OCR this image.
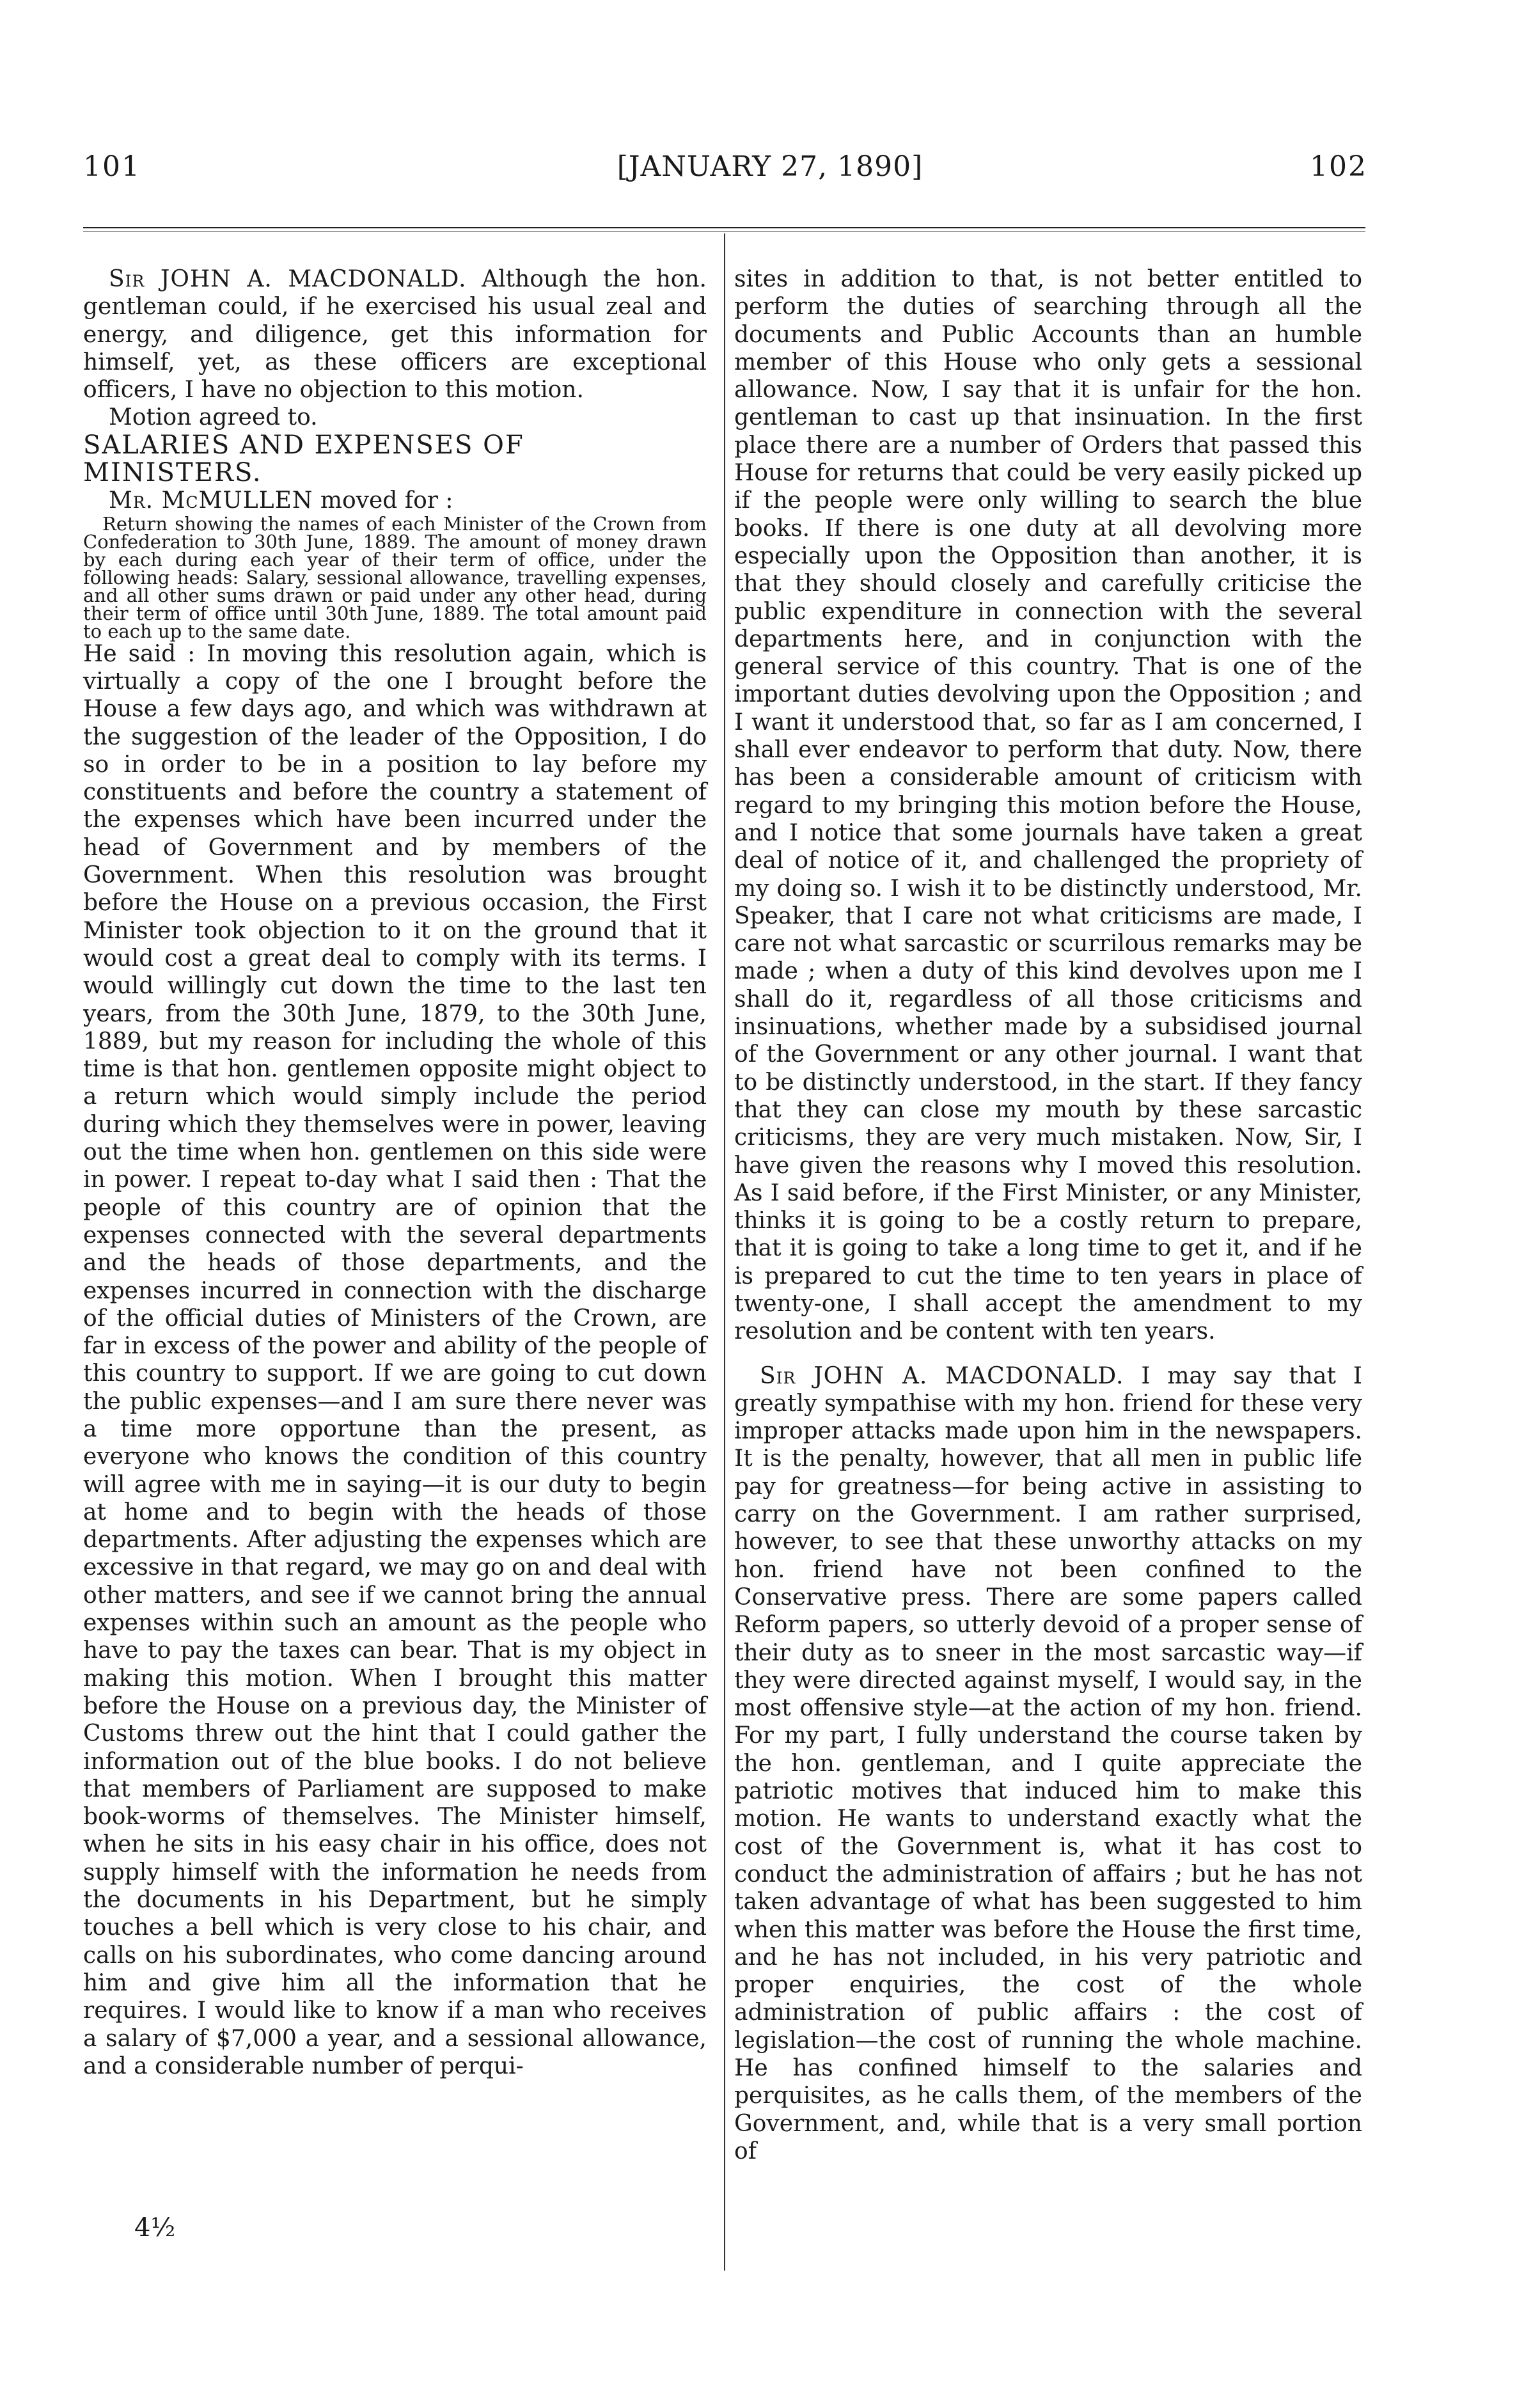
101	[JANUARY 27, 1890]	102

Sir JOHN A. MACDONALD. Although the hon. gentleman could, if he exercised his usual zeal and energy, and diligence, get this information for himself, yet, as these officers are exceptional officers, I have no objection to this motion.

Motion agreed to.

SALARIES AND EXPENSES OF MINISTERS.

Mr. McMULLEN moved for :

Return showing the names of each Minister of the Crown from Confederation to 30th June, 1889. The amount of money drawn by each during each year of their term of office, under the following heads: Salary, sessional allowance, travelling expenses, and all other sums drawn or paid under any other head, during their term of office until 30th June, 1889. The total amount paid to each up to the same date.

He said : In moving this resolution again, which is virtually a copy of the one I brought before the House a few days ago, and which was withdrawn at the suggestion of the leader of the Opposition, I do so in order to be in a position to lay before my constituents and before the country a statement of the expenses which have been incurred under the head of Government and by members of the Government. When this resolution was brought before the House on a previous occasion, the First Minister took objection to it on the ground that it would cost a great deal to comply with its terms. I would willingly cut down the time to the last ten years, from the 30th June, 1879, to the 30th June, 1889, but my reason for including the whole of this time is that hon. gentlemen opposite might object to a return which would simply include the period during which they themselves were in power, leaving out the time when hon. gentlemen on this side were in power. I repeat to-day what I said then : That the people of this country are of opinion that the expenses connected with the several departments and the heads of those departments, and the expenses incurred in connection with the discharge of the official duties of Ministers of the Crown, are far in excess of the power and ability of the people of this country to support. If we are going to cut down the public expenses—and I am sure there never was a time more opportune than the present, as everyone who knows the condition of this country will agree with me in saying—it is our duty to begin at home and to begin with the heads of those departments. After adjusting the expenses which are excessive in that regard, we may go on and deal with other matters, and see if we cannot bring the annual expenses within such an amount as the people who have to pay the taxes can bear. That is my object in making this motion. When I brought this matter before the House on a previous day, the Minister of Customs threw out the hint that I could gather the information out of the blue books. I do not believe that members of Parliament are supposed to make book-worms of themselves. The Minister himself, when he sits in his easy chair in his office, does not supply himself with the information he needs from the documents in his Department, but he simply touches a bell which is very close to his chair, and calls on his subordinates, who come dancing around him and give him all the information that he requires. I would like to know if a man who receives a salary of $7,000 a year, and a sessional allowance, and a considerable number of perqui-

sites in addition to that, is not better entitled to perform the duties of searching through all the documents and Public Accounts than an humble member of this House who only gets a sessional allowance. Now, I say that it is unfair for the hon. gentleman to cast up that insinuation. In the first place there are a number of Orders that passed this House for returns that could be very easily picked up if the people were only willing to search the blue books. If there is one duty at all devolving more especially upon the Opposition than another, it is that they should closely and carefully criticise the public expenditure in connection with the several departments here, and in conjunction with the general service of this country. That is one of the important duties devolving upon the Opposition ; and I want it understood that, so far as I am concerned, I shall ever endeavor to perform that duty. Now, there has been a considerable amount of criticism with regard to my bringing this motion before the House, and I notice that some journals have taken a great deal of notice of it, and challenged the propriety of my doing so. I wish it to be distinctly understood, Mr. Speaker, that I care not what criticisms are made, I care not what sarcastic or scurrilous remarks may be made ; when a duty of this kind devolves upon me I shall do it, regardless of all those criticisms and insinuations, whether made by a subsidised journal of the Government or any other journal. I want that to be distinctly understood, in the start. If they fancy that they can close my mouth by these sarcastic criticisms, they are very much mistaken. Now, Sir, I have given the reasons why I moved this resolution. As I said before, if the First Minister, or any Minister, thinks it is going to be a costly return to prepare, that it is going to take a long time to get it, and if he is prepared to cut the time to ten years in place of twenty-one, I shall accept the amendment to my resolution and be content with ten years.

Sir JOHN A. MACDONALD. I may say that I greatly sympathise with my hon. friend for these very improper attacks made upon him in the newspapers. It is the penalty, however, that all men in public life pay for greatness—for being active in assisting to carry on the Government. I am rather surprised, however, to see that these unworthy attacks on my hon. friend have not been confined to the Conservative press. There are some papers called Reform papers, so utterly devoid of a proper sense of their duty as to sneer in the most sarcastic way—if they were directed against myself, I would say, in the most offensive style—at the action of my hon. friend. For my part, I fully understand the course taken by the hon. gentleman, and I quite appreciate the patriotic motives that induced him to make this motion. He wants to understand exactly what the cost of the Government is, what it has cost to conduct the administration of affairs ; but he has not taken advantage of what has been suggested to him when this matter was before the House the first time, and he has not included, in his very patriotic and proper enquiries, the cost of the whole administration of public affairs : the cost of legislation—the cost of running the whole machine. He has confined himself to the salaries and perquisites, as he calls them, of the members of the Government, and, while that is a very small portion of

4½
